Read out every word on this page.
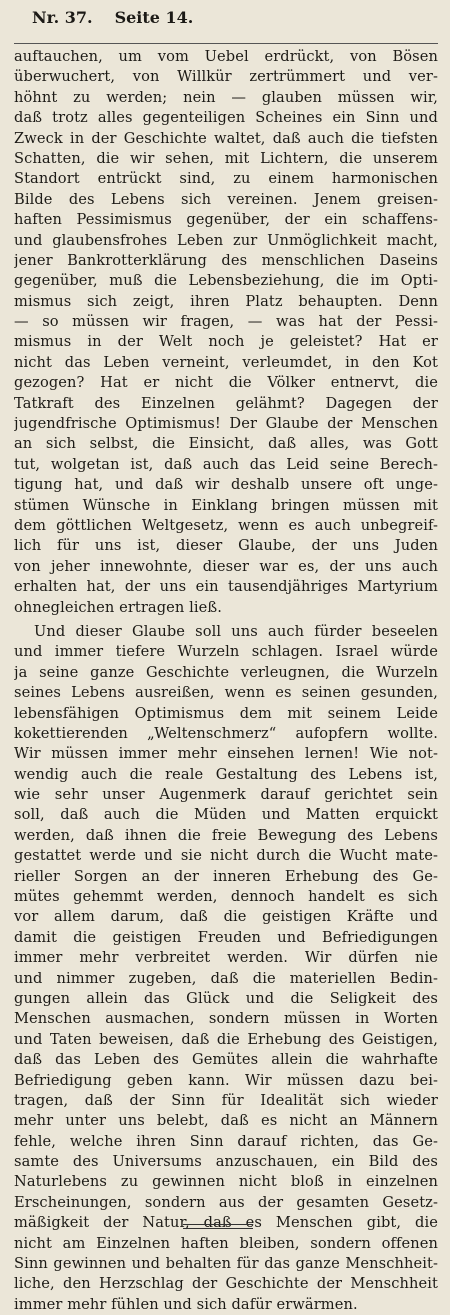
Nr. 37. Seite 14.
auftauchen, um vom Uebel erdrückt, von Bösen
überwuchert, von Willkür zertrümmert und ver-
höhnt zu werden; nein — glauben müssen wir,
daß trotz alles gegenteiligen Scheines ein Sinn und
Zweck in der Geschichte waltet, daß auch die tiefsten
Schatten, die wir sehen, mit Lichtern, die unserem
Standort entrückt sind, zu einem harmonischen
Bilde des Lebens sich vereinen. Jenem greisen-
haften Pessimismus gegenüber, der ein schaffens-
und glaubensfrohes Leben zur Unmöglichkeit macht,
jener Bankrotterklärung des menschlichen Daseins
gegenüber, muß die Lebensbeziehung, die im Opti-
mismus sich zeigt, ihren Platz behaupten. Denn
— so müssen wir fragen, — was hat der Pessi-
mismus in der Welt noch je geleistet? Hat er
nicht das Leben verneint, verleumdet, in den Kot
gezogen? Hat er nicht die Völker entnervt, die
Tatkraft des Einzelnen gelähmt? Dagegen der
jugendfrische Optimismus! Der Glaube der Menschen
an sich selbst, die Einsicht, daß alles, was Gott
tut, wolgetan ist, daß auch das Leid seine Berech-
tigung hat, und daß wir deshalb unsere oft unge-
stümen Wünsche in Einklang bringen müssen mit
dem göttlichen Weltgesetz, wenn es auch unbegreif-
lich für uns ist, dieser Glaube, der uns Juden
von jeher innewohnte, dieser war es, der uns auch
erhalten hat, der uns ein tausendjähriges Martyrium
ohnegleichen ertragen ließ.
Und dieser Glaube soll uns auch fürder beseelen
und immer tiefere Wurzeln schlagen. Israel würde
ja seine ganze Geschichte verleugnen, die Wurzeln
seines Lebens ausreißen, wenn es seinen gesunden,
lebensfähigen Optimismus dem mit seinem Leide
kokettierenden „Weltenschmerz“ aufopfern wollte.
Wir müssen immer mehr einsehen lernen! Wie not-
wendig auch die reale Gestaltung des Lebens ist,
wie sehr unser Augenmerk darauf gerichtet sein
soll, daß auch die Müden und Matten erquickt
werden, daß ihnen die freie Bewegung des Lebens
gestattet werde und sie nicht durch die Wucht mate-
rieller Sorgen an der inneren Erhebung des Ge-
mütes gehemmt werden, dennoch handelt es sich
vor allem darum, daß die geistigen Kräfte und
damit die geistigen Freuden und Befriedigungen
immer mehr verbreitet werden. Wir dürfen nie
und nimmer zugeben, daß die materiellen Bedin-
gungen allein das Glück und die Seligkeit des
Menschen ausmachen, sondern müssen in Worten
und Taten beweisen, daß die Erhebung des Geistigen,
daß das Leben des Gemütes allein die wahrhafte
Befriedigung geben kann. Wir müssen dazu bei-
tragen, daß der Sinn für Idealität sich wieder
mehr unter uns belebt, daß es nicht an Männern
fehle, welche ihren Sinn darauf richten, das Ge-
samte des Universums anzuschauen, ein Bild des
Naturlebens zu gewinnen nicht bloß in einzelnen
Erscheinungen, sondern aus der gesamten Gesetz-
mäßigkeit der Natur, daß es Menschen gibt, die
nicht am Einzelnen haften bleiben, sondern offenen
Sinn gewinnen und behalten für das ganze Menschheit-
liche, den Herzschlag der Geschichte der Menschheit
immer mehr fühlen und sich dafür erwärmen.
